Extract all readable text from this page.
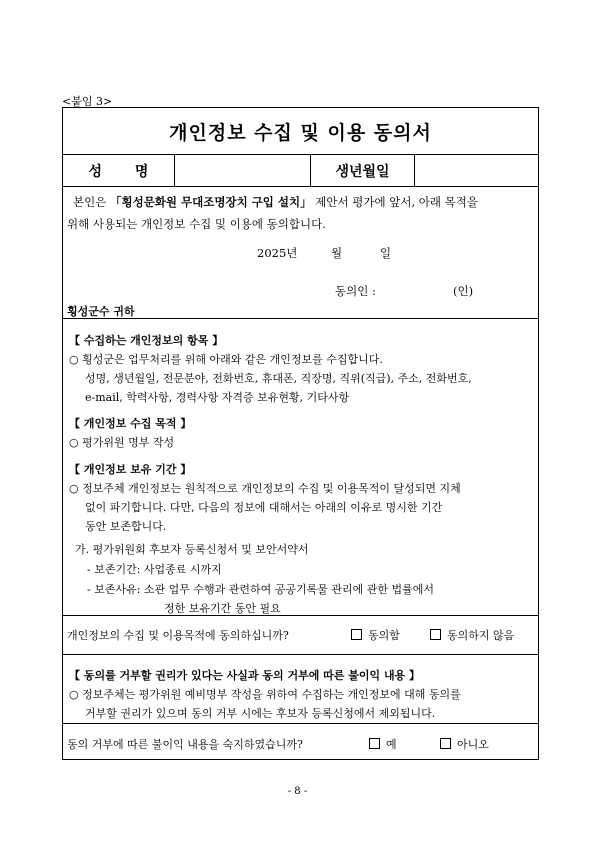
<붙임 3>
개인정보 수집 및 이용 동의서
성 명	생년월일
본인은 「횡성문화원 무대조명장치 구입 설치」 제안서 평가에 앞서, 아래 목적을
위해 사용되는 개인정보 수집 및 이용에 동의합니다.
2025년	월	일
동의인 :	(인)
횡성군수 귀하
【 수집하는 개인정보의 항목 】
○ 횡성군은 업무처리를 위해 아래와 같은 개인정보를 수집합니다.
성명, 생년월일, 전문분야, 전화번호, 휴대폰, 직장명, 직위(직급), 주소, 전화번호,
e-mail, 학력사항, 경력사항 자격증 보유현황, 기타사항
【 개인정보 수집 목적 】
○ 평가위원 명부 작성
【 개인정보 보유 기간 】
○ 정보주체 개인정보는 원칙적으로 개인정보의 수집 및 이용목적이 달성되면 지체
없이 파기합니다. 다만, 다음의 정보에 대해서는 아래의 이유로 명시한 기간
동안 보존합니다.
가. 평가위원회 후보자 등록신청서 및 보안서약서
- 보존기간: 사업종료 시까지
- 보존사유: 소관 업무 수행과 관련하여 공공기록물 관리에 관한 법률에서
정한 보유기간 동안 필요
개인정보의 수집 및 이용목적에 동의하십니까?	동의함	동의하지 않음
【 동의를 거부할 권리가 있다는 사실과 동의 거부에 따른 불이익 내용 】
○ 정보주체는 평가위원 예비명부 작성을 위하여 수집하는 개인정보에 대해 동의를
거부할 권리가 있으며 동의 거부 시에는 후보자 등록신청에서 제외됩니다.
동의 거부에 따른 불이익 내용을 숙지하였습니까?	예	아니오
- 8 -
